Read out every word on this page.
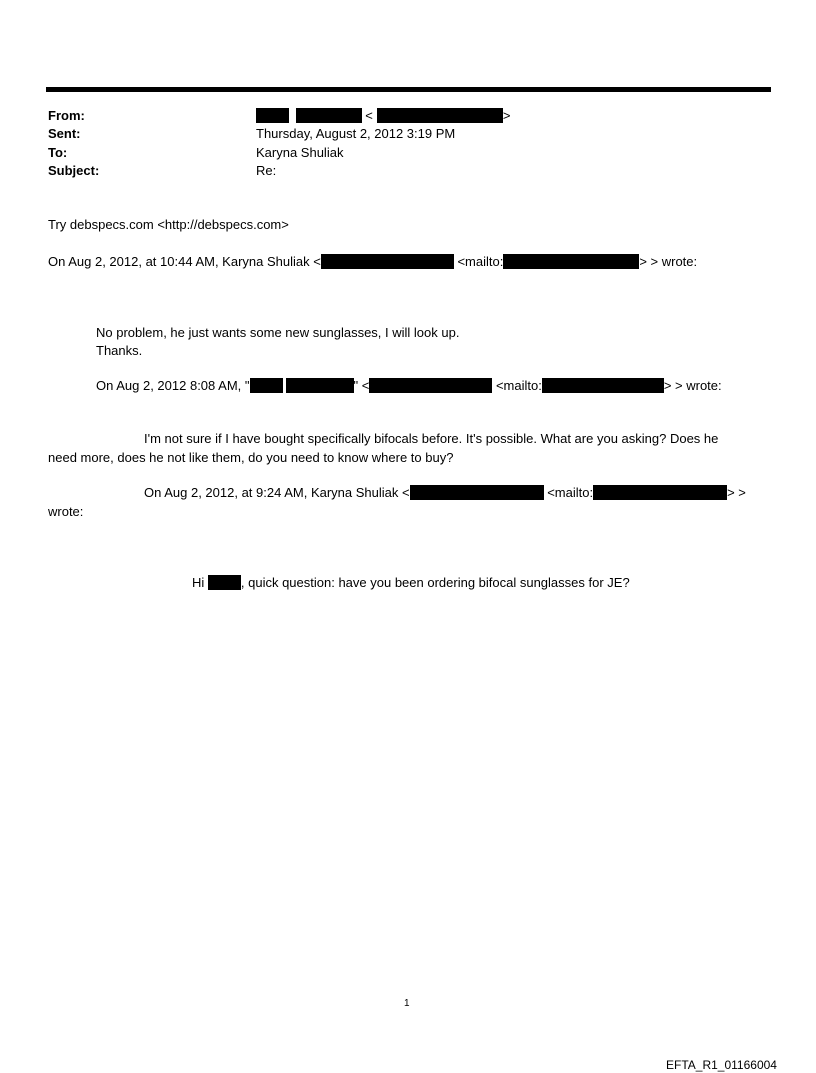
From:	<	>
Sent:	Thursday, August 2, 2012 3:19 PM
To:	Karyna Shuliak
Subject:	Re:
Try debspecs.com <http://debspecs.com>
On Aug 2, 2012, at 10:44 AM, Karyna Shuliak <	<mailto:	> > wrote:
No problem, he just wants some new sunglasses, I will look up.
Thanks.
On Aug 2, 2012 8:08 AM, "	" <	<mailto:	> > wrote:
I'm not sure if I have bought specifically bifocals before. It's possible. What are you asking? Does he
need more, does he not like them, do you need to know where to buy?
On Aug 2, 2012, at 9:24 AM, Karyna Shuliak <	<mailto:	> >
wrote:
Hi	, quick question: have you been ordering bifocal sunglasses for JE?
1
EFTA_R1_01166004
